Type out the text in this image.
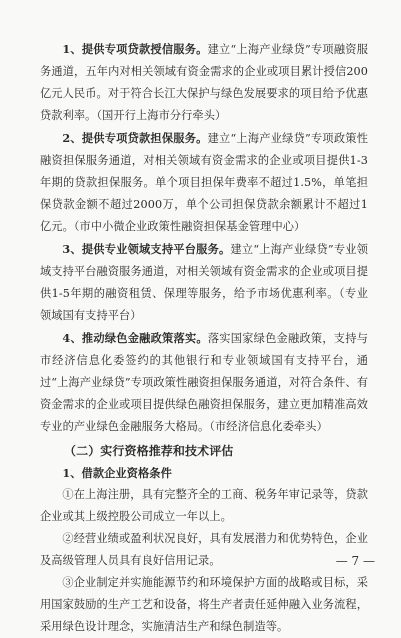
1、提供专项贷款授信服务。建立“上海产业绿贷”专项融资服务通道，五年内对相关领域有资金需求的企业或项目累计授信200亿元人民币。对于符合长江大保护与绿色发展要求的项目给予优惠贷款利率。（国开行上海市分行牵头）

2、提供专项贷款担保服务。建立“上海产业绿贷”专项政策性融资担保服务通道，对相关领域有资金需求的企业或项目提供1-3年期的贷款担保服务。单个项目担保年费率不超过1.5%，单笔担保贷款金额不超过2000万，单个公司担保贷款余额累计不超过1亿元。（市中小微企业政策性融资担保基金管理中心）

3、提供专业领域支持平台服务。建立“上海产业绿贷”专业领域支持平台融资服务通道，对相关领域有资金需求的企业或项目提供1-5年期的融资租赁、保理等服务，给予市场优惠利率。（专业领域国有支持平台）

4、推动绿色金融政策落实。落实国家绿色金融政策，支持与市经济信息化委签约的其他银行和专业领域国有支持平台，通过“上海产业绿贷”专项政策性融资担保服务通道，对符合条件、有资金需求的企业或项目提供绿色融资担保服务，建立更加精准高效专业的产业绿色金融服务大格局。（市经济信息化委牵头）

（二）实行资格推荐和技术评估

1、借款企业资格条件

①在上海注册，具有完整齐全的工商、税务年审记录等，贷款企业或其上级控股公司成立一年以上。

②经营业绩或盈利状况良好，具有发展潜力和优势特色，企业及高级管理人员具有良好信用记录。

③企业制定并实施能源节约和环境保护方面的战略或目标，采用国家鼓励的生产工艺和设备，将生产者责任延伸融入业务流程，采用绿色设计理念，实施清洁生产和绿色制造等。

— 7 —
